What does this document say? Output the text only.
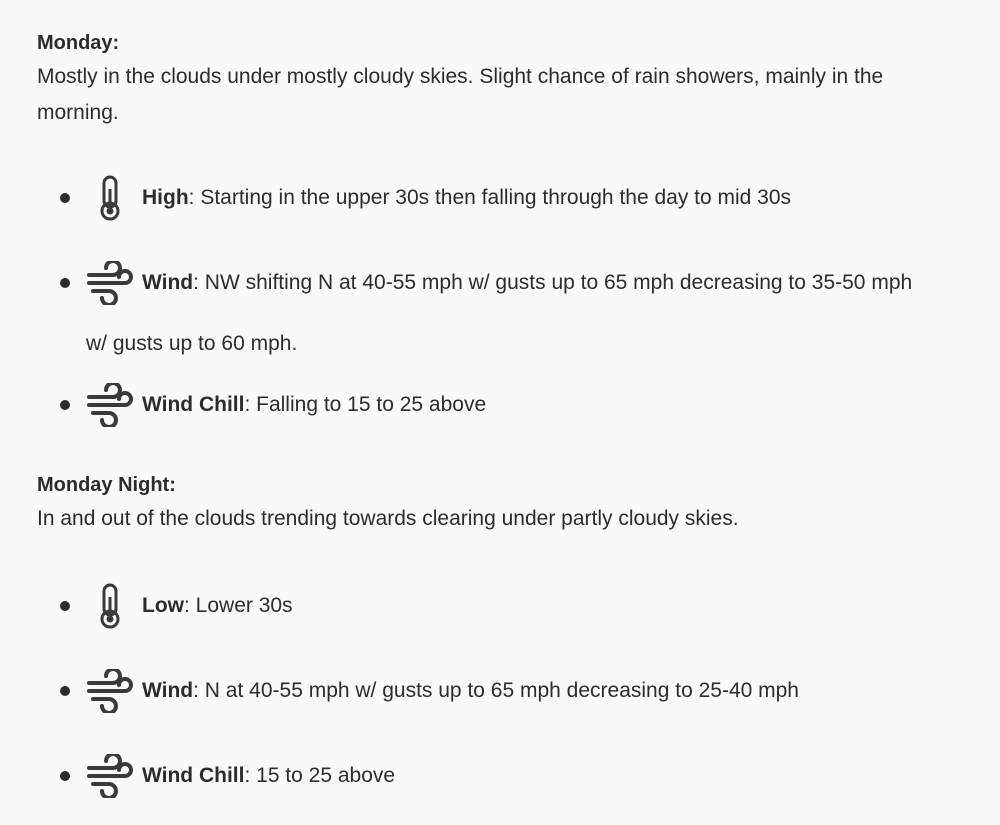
Monday:

Mostly in the clouds under mostly cloudy skies. Slight chance of rain showers, mainly in the
morning.

High: Starting in the upper 30s then falling through the day to mid 30s
Wind: NW shifting N at 40-55 mph w/ gusts up to 65 mph decreasing to 35-50 mph
w/ gusts up to 60 mph.
Wind Chill: Falling to 15 to 25 above
Monday Night:

In and out of the clouds trending towards clearing under partly cloudy skies.

Low: Lower 30s
Wind: N at 40-55 mph w/ gusts up to 65 mph decreasing to 25-40 mph
Wind Chill: 15 to 25 above
